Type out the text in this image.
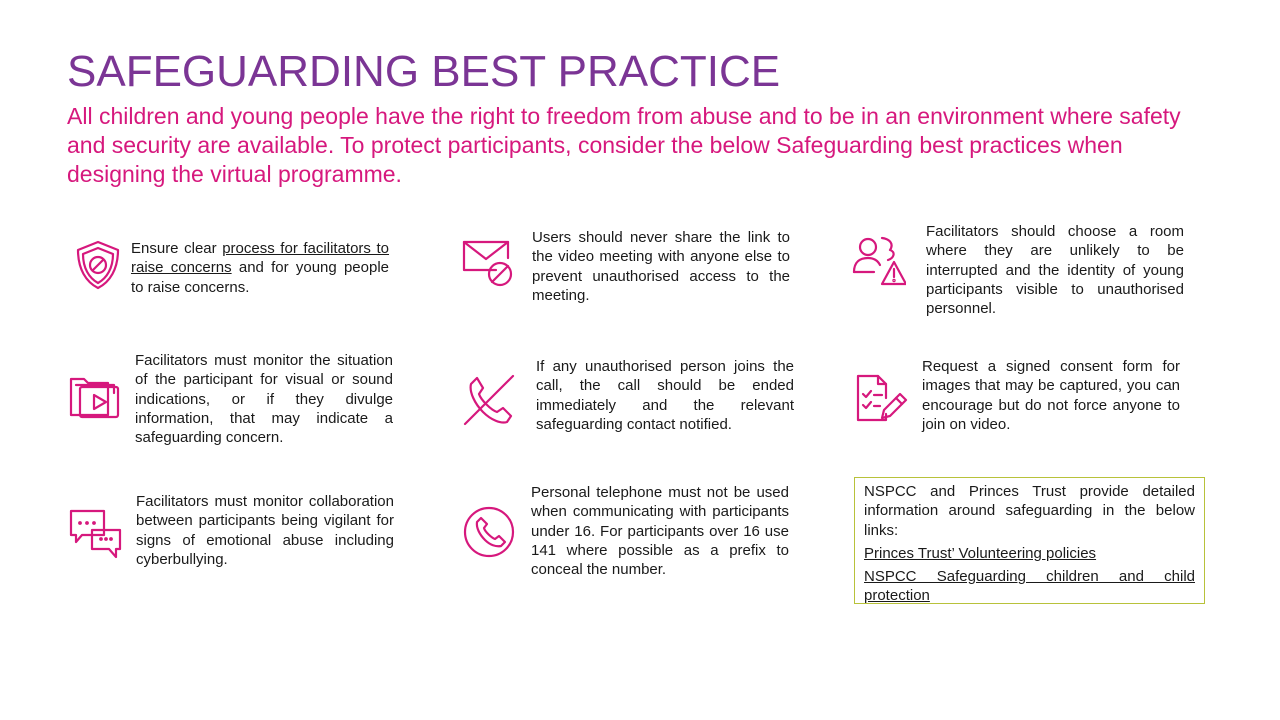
SAFEGUARDING BEST PRACTICE

All children and young people have the right to freedom from abuse and to be in an environment where safety and security are available. To protect participants, consider the below Safeguarding best practices when designing the virtual programme.

Ensure clear process for facilitators to raise concerns and for young people to raise concerns.

Users should never share the link to the video meeting with anyone else to prevent unauthorised access to the meeting.

Facilitators should choose a room where they are unlikely to be interrupted and the identity of young participants visible to unauthorised personnel.

Facilitators must monitor the situation of the participant for visual or sound indications, or if they divulge information, that may indicate a safeguarding concern.

If any unauthorised person joins the call, the call should be ended immediately and the relevant safeguarding contact notified.

Request a signed consent form for images that may be captured, you can encourage but do not force anyone to join on video.

Facilitators must monitor collaboration between participants being vigilant for signs of emotional abuse including cyberbullying.

Personal telephone must not be used when communicating with participants under 16. For participants over 16 use 141 where possible as a prefix to conceal the number.

NSPCC and Princes Trust provide detailed information around safeguarding in the below links:

Princes Trust’ Volunteering policies
NSPCC Safeguarding children and child protection
